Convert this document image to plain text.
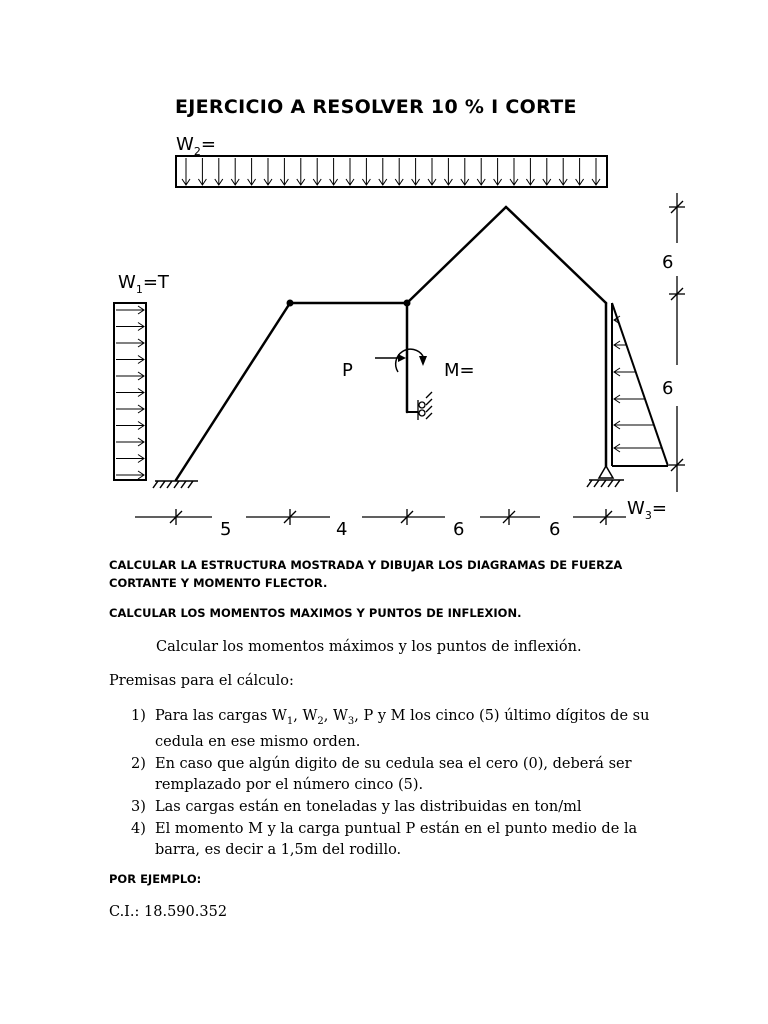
EJERCICIO A RESOLVER 10 % I CORTE
$W_2=$
$W_1=T$
$W_3=$
P	M=
5	4	6	6
6
6
CALCULAR LA ESTRUCTURA MOSTRADA Y DIBUJAR LOS DIAGRAMAS DE FUERZA CORTANTE Y MOMENTO FLECTOR.
CALCULAR LOS MOMENTOS MAXIMOS Y PUNTOS DE INFLEXION.
Calcular los momentos máximos y los puntos de inflexión.
Premisas para el cálculo:
1) Para las cargas $W_1$, $W_2$, $W_3$, P y M los cinco (5) último dígitos de su cedula en ese mismo orden.
2) En caso que algún digito de su cedula sea el cero (0), deberá ser remplazado por el número cinco (5).
3) Las cargas están en toneladas y las distribuidas en ton/ml
4) El momento M y la carga puntual P están en el punto medio de la barra, es decir a 1,5m del rodillo.
POR EJEMPLO:
C.I.: 18.590.352
